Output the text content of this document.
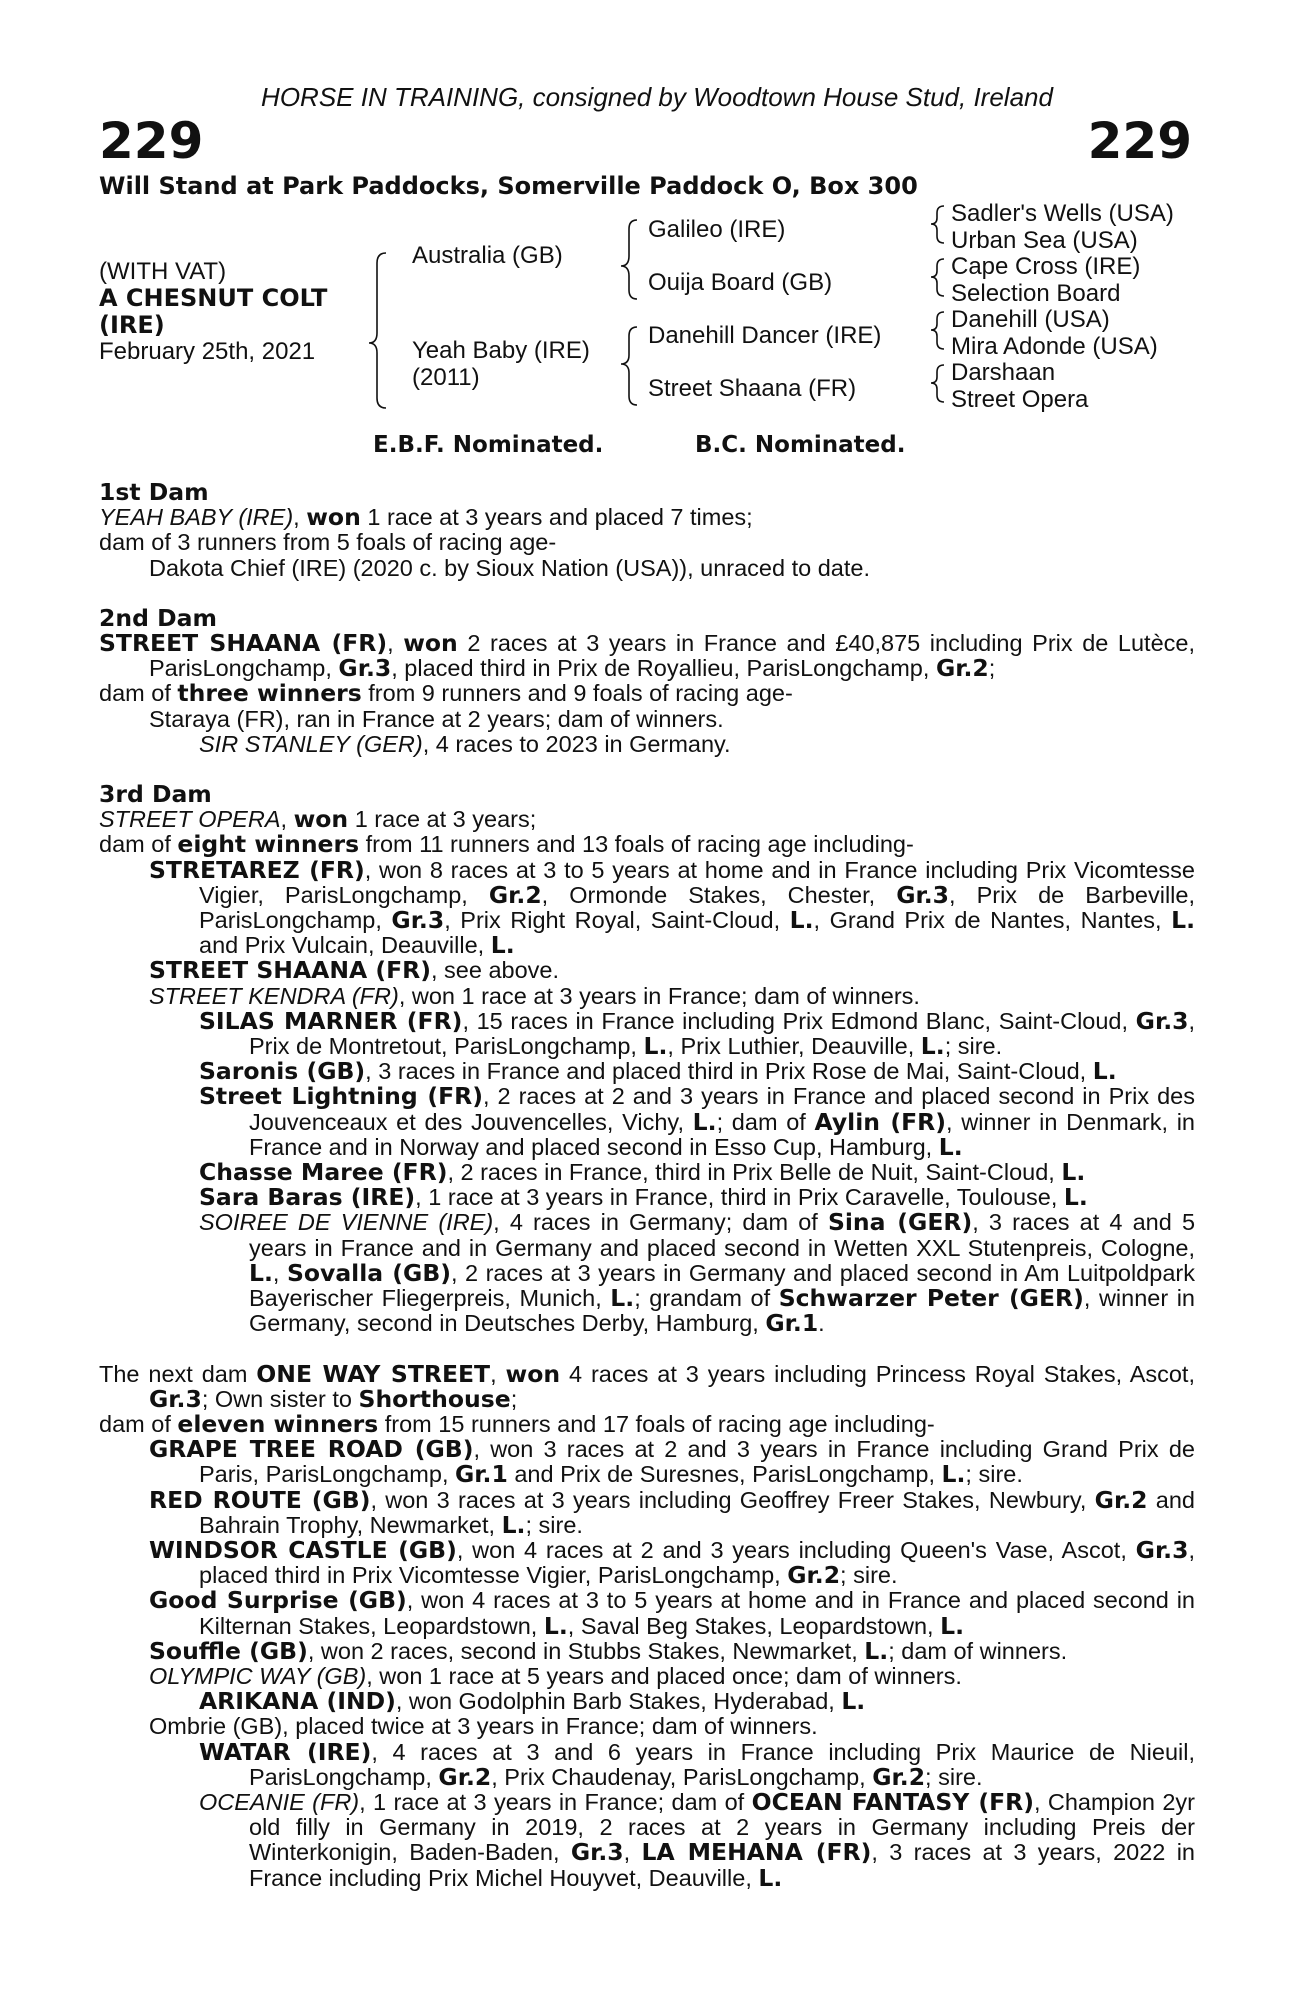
HORSE IN TRAINING, consigned by Woodtown House Stud, Ireland
229	229
Will Stand at Park Paddocks, Somerville Paddock O, Box 300
(WITH VAT)
A CHESNUT COLT
(IRE)
February 25th, 2021
Australia (GB)
Yeah Baby (IRE)
(2011)
Galileo (IRE)
Ouija Board (GB)
Danehill Dancer (IRE)
Street Shaana (FR)
Sadler's Wells (USA)
Urban Sea (USA)
Cape Cross (IRE)
Selection Board
Danehill (USA)
Mira Adonde (USA)
Darshaan
Street Opera
E.B.F. Nominated.	B.C. Nominated.

1st Dam

YEAH BABY (IRE), won 1 race at 3 years and placed 7 times;

dam of 3 runners from 5 foals of racing age-

Dakota Chief (IRE) (2020 c. by Sioux Nation (USA)), unraced to date.

2nd Dam

STREET SHAANA (FR), won 2 races at 3 years in France and £40,875 including Prix de Lutèce, ParisLongchamp, Gr.3, placed third in Prix de Royallieu, ParisLongchamp, Gr.2;

dam of three winners from 9 runners and 9 foals of racing age-

Staraya (FR), ran in France at 2 years; dam of winners.

SIR STANLEY (GER), 4 races to 2023 in Germany.

3rd Dam

STREET OPERA, won 1 race at 3 years;

dam of eight winners from 11 runners and 13 foals of racing age including-

STRETAREZ (FR), won 8 races at 3 to 5 years at home and in France including Prix Vicomtesse Vigier, ParisLongchamp, Gr.2, Ormonde Stakes, Chester, Gr.3, Prix de Barbeville, ParisLongchamp, Gr.3, Prix Right Royal, Saint-Cloud, L., Grand Prix de Nantes, Nantes, L. and Prix Vulcain, Deauville, L.

STREET SHAANA (FR), see above.

STREET KENDRA (FR), won 1 race at 3 years in France; dam of winners.

SILAS MARNER (FR), 15 races in France including Prix Edmond Blanc, Saint-Cloud, Gr.3, Prix de Montretout, ParisLongchamp, L., Prix Luthier, Deauville, L.; sire.

Saronis (GB), 3 races in France and placed third in Prix Rose de Mai, Saint-Cloud, L.

Street Lightning (FR), 2 races at 2 and 3 years in France and placed second in Prix des Jouvenceaux et des Jouvencelles, Vichy, L.; dam of Aylin (FR), winner in Denmark, in France and in Norway and placed second in Esso Cup, Hamburg, L.

Chasse Maree (FR), 2 races in France, third in Prix Belle de Nuit, Saint-Cloud, L.

Sara Baras (IRE), 1 race at 3 years in France, third in Prix Caravelle, Toulouse, L.

SOIREE DE VIENNE (IRE), 4 races in Germany; dam of Sina (GER), 3 races at 4 and 5 years in France and in Germany and placed second in Wetten XXL Stutenpreis, Cologne, L., Sovalla (GB), 2 races at 3 years in Germany and placed second in Am Luitpoldpark Bayerischer Fliegerpreis, Munich, L.; grandam of Schwarzer Peter (GER), winner in Germany, second in Deutsches Derby, Hamburg, Gr.1.

The next dam ONE WAY STREET, won 4 races at 3 years including Princess Royal Stakes, Ascot, Gr.3; Own sister to Shorthouse;

dam of eleven winners from 15 runners and 17 foals of racing age including-

GRAPE TREE ROAD (GB), won 3 races at 2 and 3 years in France including Grand Prix de Paris, ParisLongchamp, Gr.1 and Prix de Suresnes, ParisLongchamp, L.; sire.

RED ROUTE (GB), won 3 races at 3 years including Geoffrey Freer Stakes, Newbury, Gr.2 and Bahrain Trophy, Newmarket, L.; sire.

WINDSOR CASTLE (GB), won 4 races at 2 and 3 years including Queen's Vase, Ascot, Gr.3, placed third in Prix Vicomtesse Vigier, ParisLongchamp, Gr.2; sire.

Good Surprise (GB), won 4 races at 3 to 5 years at home and in France and placed second in Kilternan Stakes, Leopardstown, L., Saval Beg Stakes, Leopardstown, L.

Souffle (GB), won 2 races, second in Stubbs Stakes, Newmarket, L.; dam of winners.

OLYMPIC WAY (GB), won 1 race at 5 years and placed once; dam of winners.

ARIKANA (IND), won Godolphin Barb Stakes, Hyderabad, L.

Ombrie (GB), placed twice at 3 years in France; dam of winners.

WATAR (IRE), 4 races at 3 and 6 years in France including Prix Maurice de Nieuil, ParisLongchamp, Gr.2, Prix Chaudenay, ParisLongchamp, Gr.2; sire.

OCEANIE (FR), 1 race at 3 years in France; dam of OCEAN FANTASY (FR), Champion 2yr old filly in Germany in 2019, 2 races at 2 years in Germany including Preis der Winterkonigin, Baden-Baden, Gr.3, LA MEHANA (FR), 3 races at 3 years, 2022 in France including Prix Michel Houyvet, Deauville, L.
